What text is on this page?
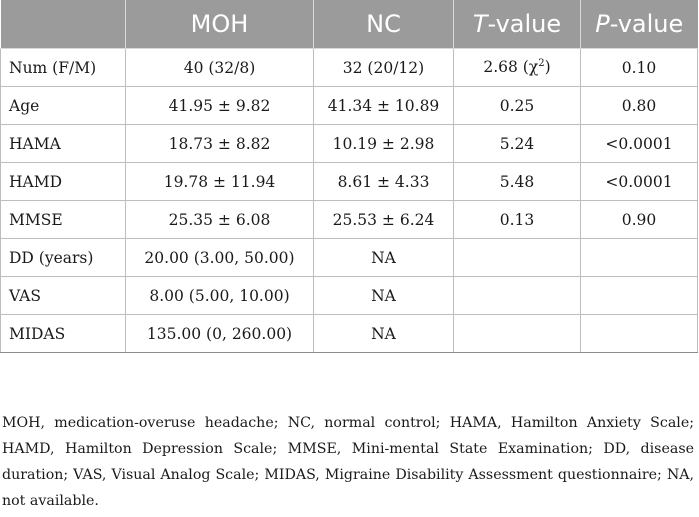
	MOH	NC	T-value	P-value
Num (F/M)	40 (32/8)	32 (20/12)	2.68 $(\chi^2)$	0.10
Age	41.95 ± 9.82	41.34 ± 10.89	0.25	0.80
HAMA	18.73 ± 8.82	10.19 ± 2.98	5.24	<0.0001
HAMD	19.78 ± 11.94	8.61 ± 4.33	5.48	<0.0001
MMSE	25.35 ± 6.08	25.53 ± 6.24	0.13	0.90
DD (years)	20.00 (3.00, 50.00)	NA		
VAS	8.00 (5.00, 10.00)	NA		
MIDAS	135.00 (0, 260.00)	NA		

MOH, medication-overuse headache; NC, normal control; HAMA, Hamilton Anxiety Scale; HAMD, Hamilton Depression Scale; MMSE, Mini-mental State Examination; DD, disease duration; VAS, Visual Analog Scale; MIDAS, Migraine Disability Assessment questionnaire; NA, not available.
